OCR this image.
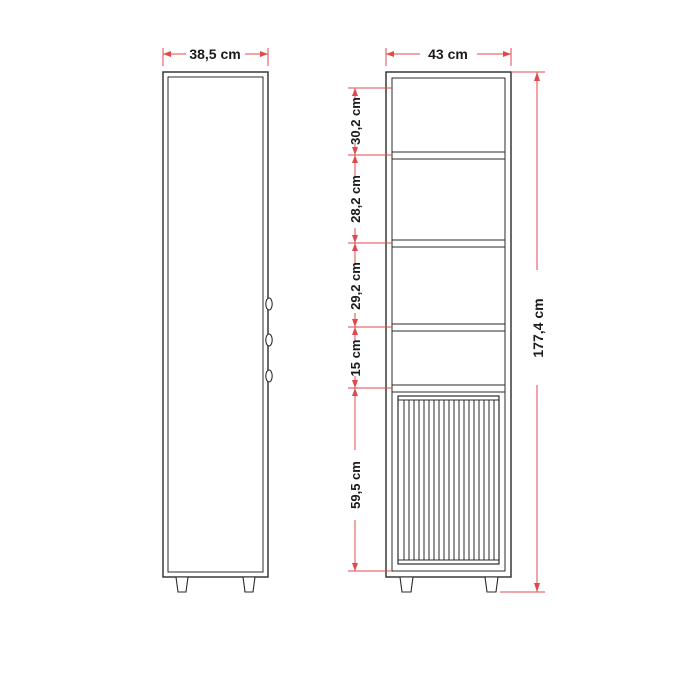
38,5 cm	43 cm
30,2 cm
28,2 cm
29,2 cm
15 cm
59,5 cm
177,4 cm
